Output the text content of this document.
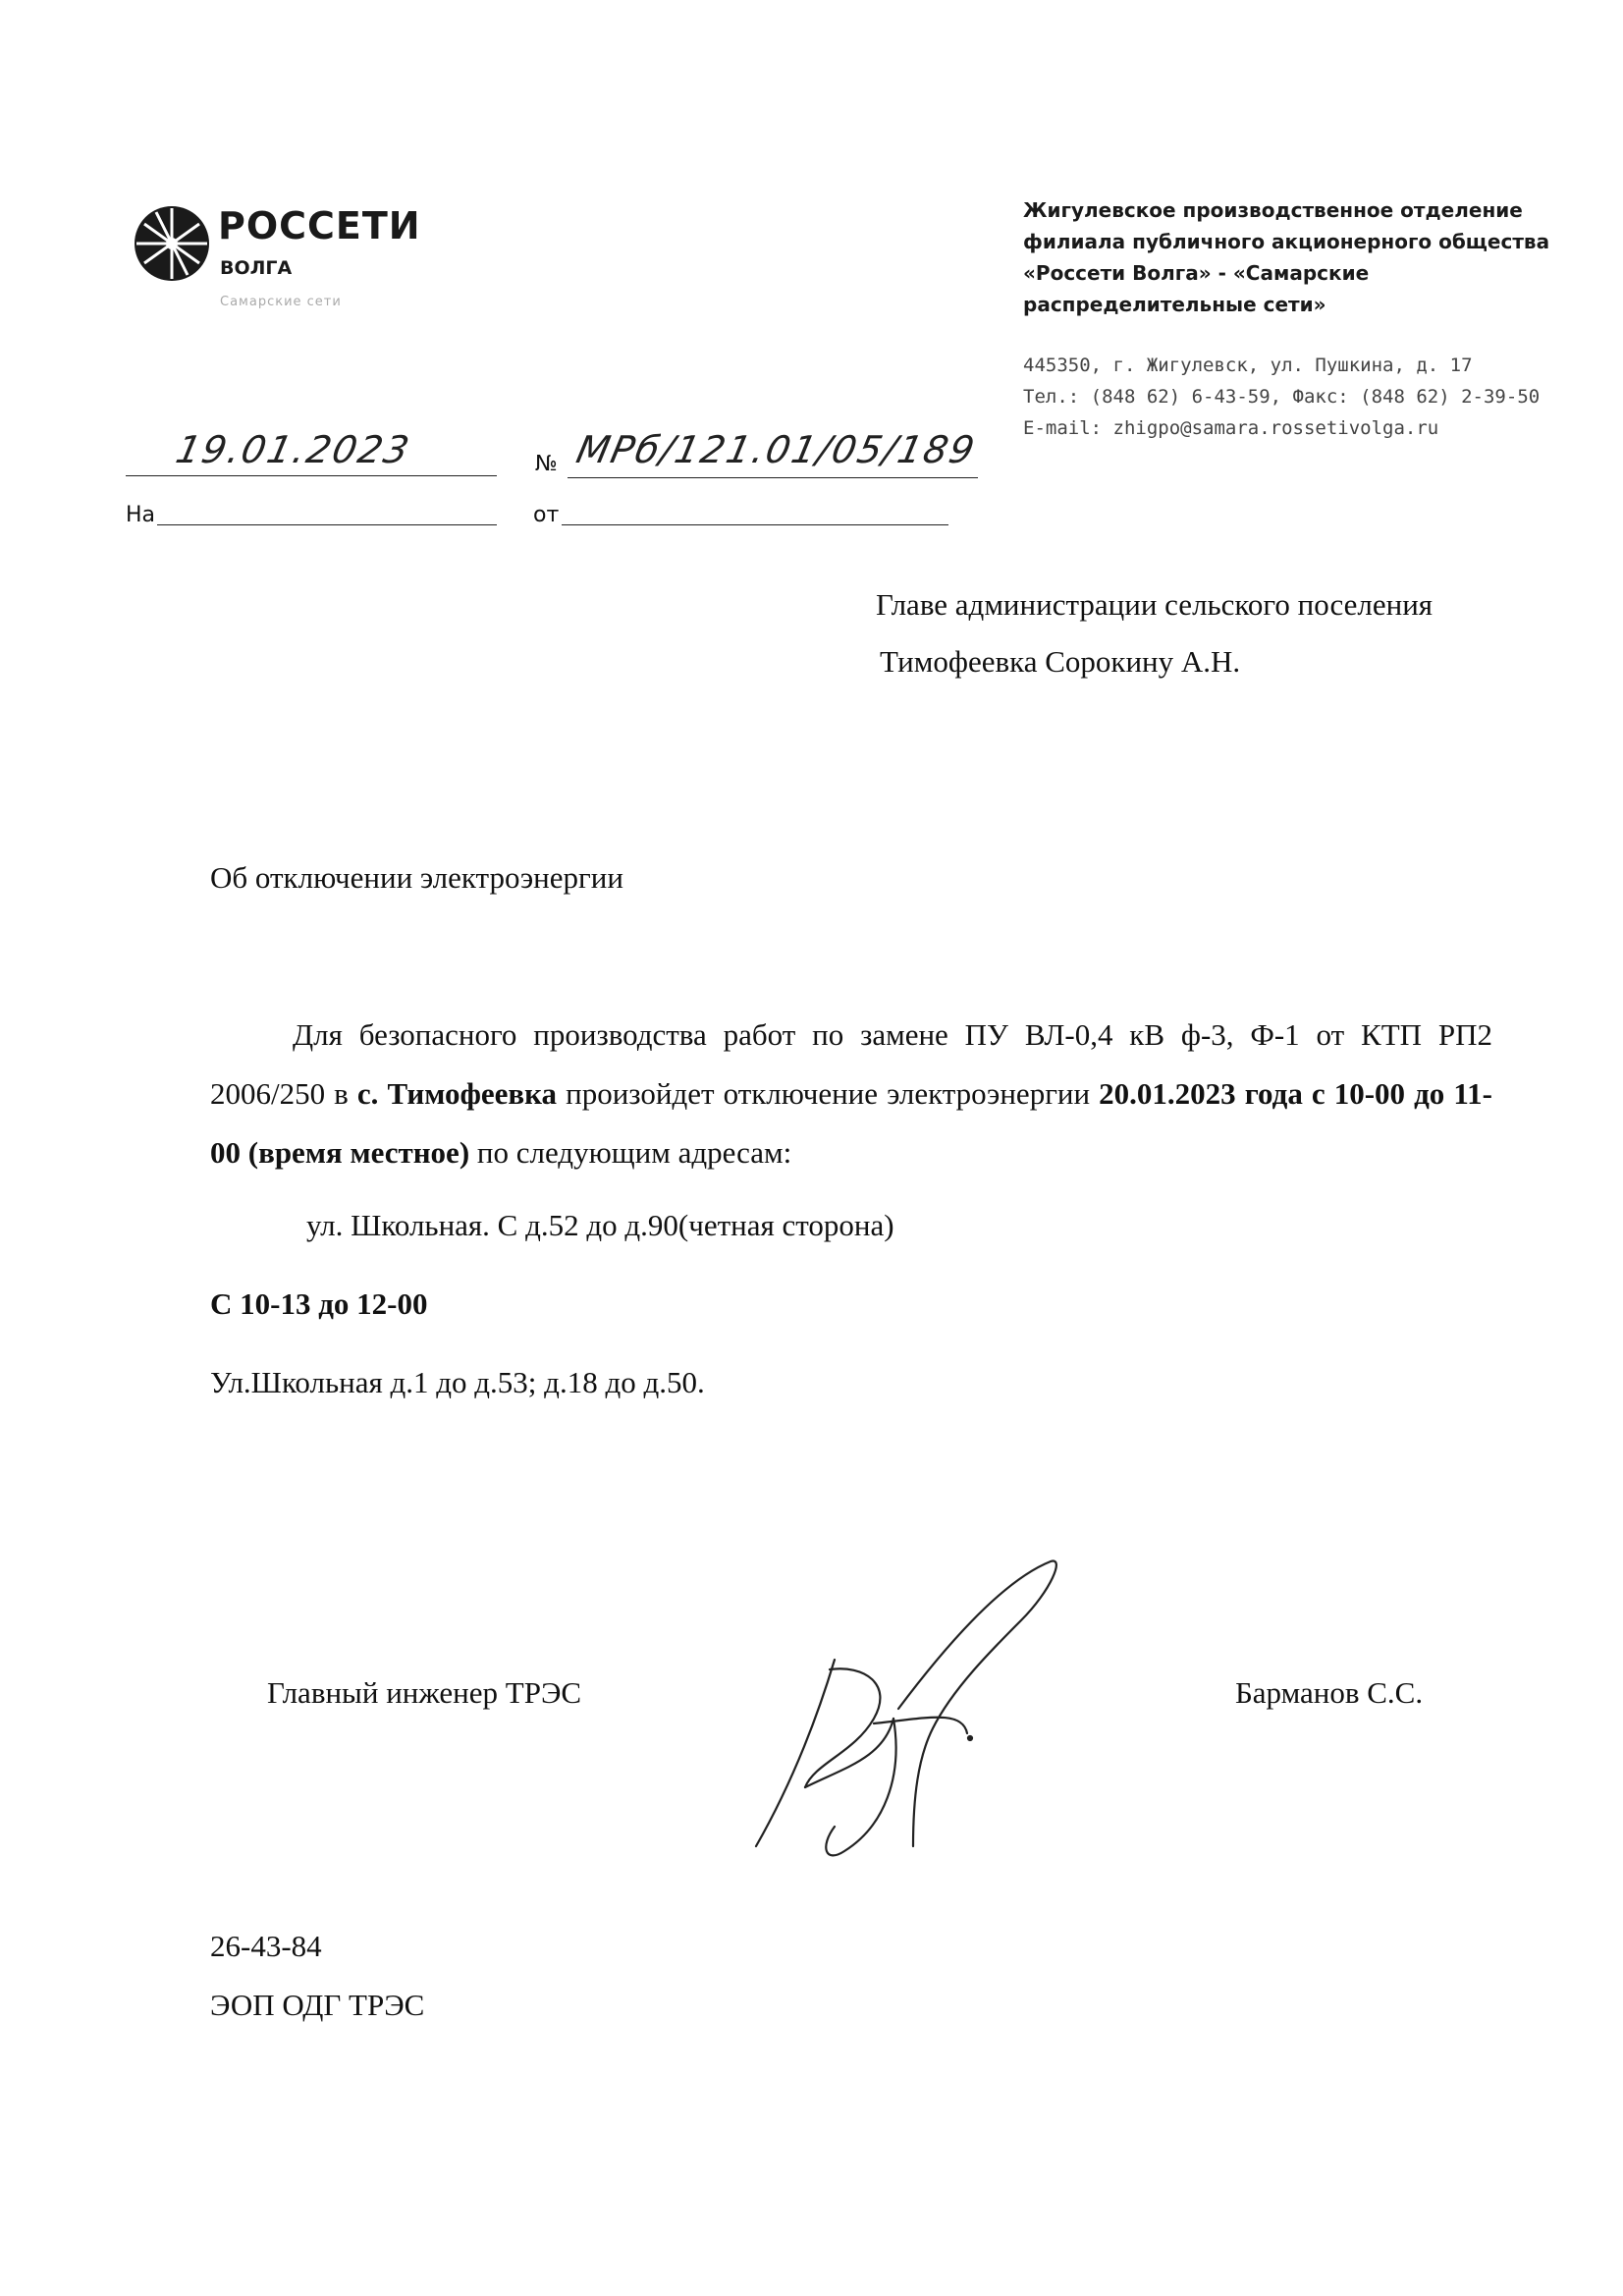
РОССЕТИ
ВОЛГА
Самарские сети
Жигулевское производственное отделение
филиала публичного акционерного общества
«Россети Волга» - «Самарские
распределительные сети»
445350, г. Жигулевск, ул. Пушкина, д. 17
Тел.: (848 62) 6-43-59, Факс: (848 62) 2-39-50
E-mail: zhigpo@samara.rossetivolga.ru
19.01.2023	№ МРб/121.01/05/189
На	от
Главе администрации сельского поселения
Тимофеевка Сорокину А.Н.
Об отключении электроэнергии
Для безопасного производства работ по замене ПУ ВЛ-0,4 кВ ф-3, Ф-1 от КТП РП2 2006/250 в с. Тимофеевка произойдет отключение электроэнергии 20.01.2023 года с 10-00 до 11-00 (время местное) по следующим адресам:
ул. Школьная. С д.52 до д.90(четная сторона)
С 10-13 до 12-00
Ул.Школьная д.1 до д.53; д.18 до д.50.
Главный инженер ТРЭС	Барманов С.С.
26-43-84
ЭОП ОДГ ТРЭС
